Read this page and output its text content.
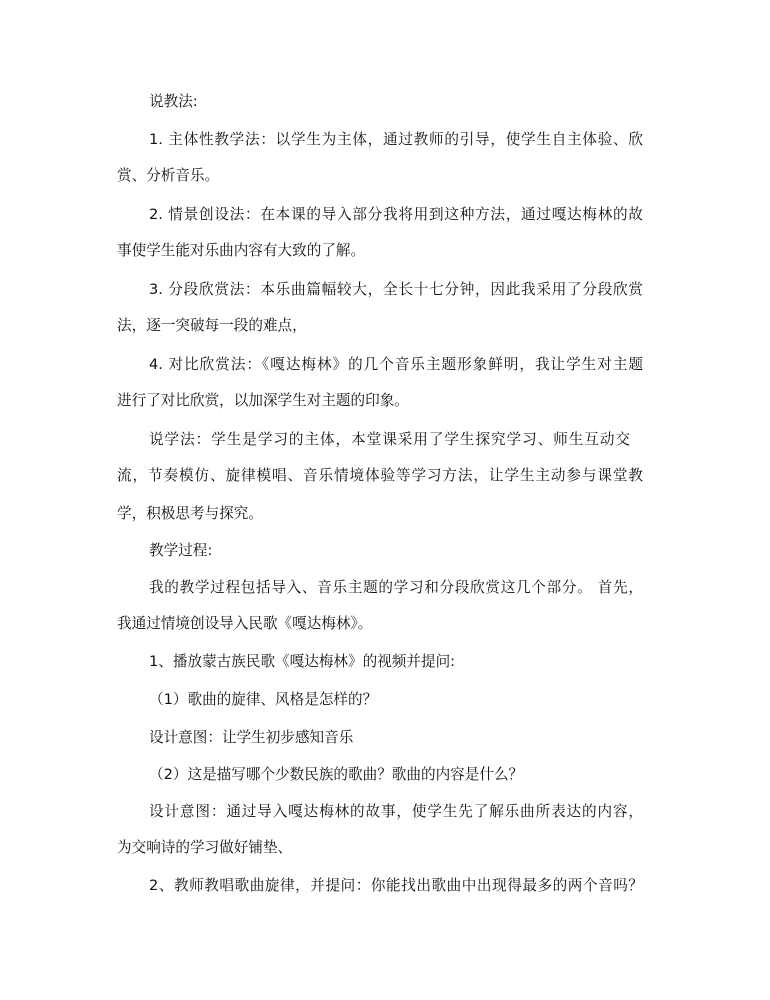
说教法:
1. 主体性教学法：以学生为主体，通过教师的引导，使学生自主体验、欣
赏、分析音乐。
2. 情景创设法：在本课的导入部分我将用到这种方法，通过嘎达梅林的故
事使学生能对乐曲内容有大致的了解。
3. 分段欣赏法：本乐曲篇幅较大，全长十七分钟，因此我采用了分段欣赏
法，逐一突破每一段的难点，
4. 对比欣赏法：《嘎达梅林》的几个音乐主题形象鲜明，我让学生对主题
进行了对比欣赏，以加深学生对主题的印象。
说学法：学生是学习的主体，本堂课采用了学生探究学习、师生互动交
流，节奏模仿、旋律模唱、音乐情境体验等学习方法，让学生主动参与课堂教
学，积极思考与探究。
教学过程:
我的教学过程包括导入、音乐主题的学习和分段欣赏这几个部分。 首先，
我通过情境创设导入民歌《嘎达梅林》。
1、播放蒙古族民歌《嘎达梅林》的视频并提问:
（1）歌曲的旋律、风格是怎样的？
设计意图：让学生初步感知音乐
（2）这是描写哪个少数民族的歌曲？歌曲的内容是什么？
设计意图：通过导入嘎达梅林的故事，使学生先了解乐曲所表达的内容，
为交响诗的学习做好铺垫、
2、教师教唱歌曲旋律，并提问：你能找出歌曲中出现得最多的两个音吗？
